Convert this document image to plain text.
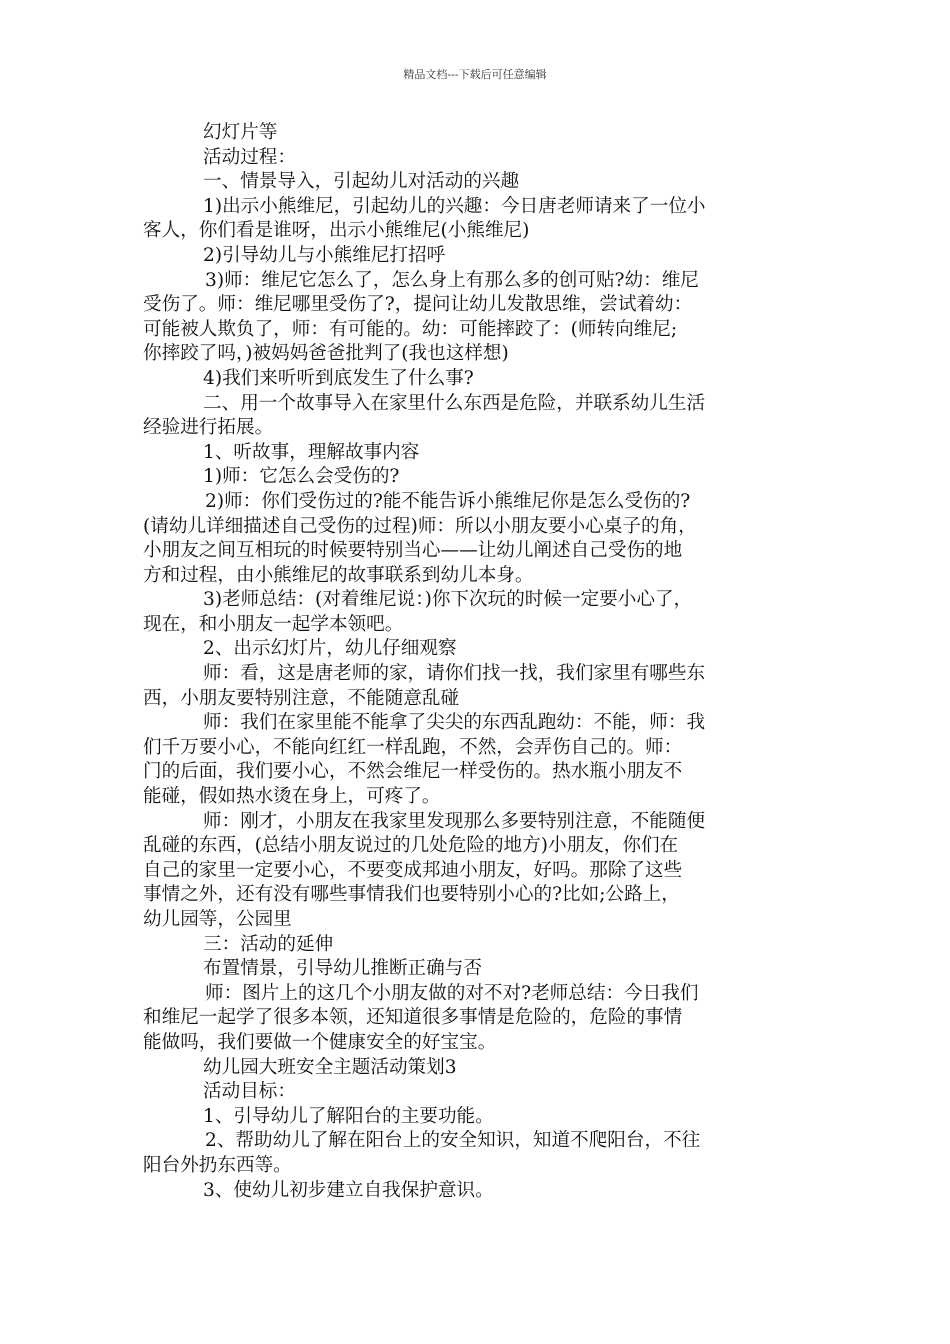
精品文档---下载后可任意编辑

幻灯片等

活动过程：

一、情景导入，引起幼儿对活动的兴趣

1)出示小熊维尼，引起幼儿的兴趣：今日唐老师请来了一位小

客人，你们看是谁呀，出示小熊维尼(小熊维尼)

2)引导幼儿与小熊维尼打招呼

3)师：维尼它怎么了，怎么身上有那么多的创可贴?幼：维尼

受伤了。师：维尼哪里受伤了?，提问让幼儿发散思维，尝试着幼：

可能被人欺负了，师：有可能的。幼：可能摔跤了：(师转向维尼;

你摔跤了吗，)被妈妈爸爸批判了(我也这样想)

4)我们来听听到底发生了什么事?

二、用一个故事导入在家里什么东西是危险，并联系幼儿生活

经验进行拓展。

1、听故事，理解故事内容

1)师：它怎么会受伤的?

2)师：你们受伤过的?能不能告诉小熊维尼你是怎么受伤的?

(请幼儿详细描述自己受伤的过程)师：所以小朋友要小心桌子的角，

小朋友之间互相玩的时候要特别当心——让幼儿阐述自己受伤的地

方和过程，由小熊维尼的故事联系到幼儿本身。

3)老师总结：(对着维尼说：)你下次玩的时候一定要小心了，

现在，和小朋友一起学本领吧。

2、出示幻灯片，幼儿仔细观察

师：看，这是唐老师的家，请你们找一找，我们家里有哪些东

西，小朋友要特别注意，不能随意乱碰

师：我们在家里能不能拿了尖尖的东西乱跑幼：不能，师：我

们千万要小心，不能向红红一样乱跑，不然，会弄伤自己的。师：

门的后面，我们要小心，不然会维尼一样受伤的。热水瓶小朋友不

能碰，假如热水烫在身上，可疼了。

师：刚才，小朋友在我家里发现那么多要特别注意，不能随便

乱碰的东西，(总结小朋友说过的几处危险的地方)小朋友，你们在

自己的家里一定要小心，不要变成邦迪小朋友，好吗。那除了这些

事情之外，还有没有哪些事情我们也要特别小心的?比如;公路上，

幼儿园等，公园里

三：活动的延伸

布置情景，引导幼儿推断正确与否

师：图片上的这几个小朋友做的对不对?老师总结：今日我们

和维尼一起学了很多本领，还知道很多事情是危险的，危险的事情

能做吗，我们要做一个健康安全的好宝宝。

幼儿园大班安全主题活动策划3

活动目标：

1、引导幼儿了解阳台的主要功能。

2、帮助幼儿了解在阳台上的安全知识，知道不爬阳台，不往

阳台外扔东西等。

3、使幼儿初步建立自我保护意识。
